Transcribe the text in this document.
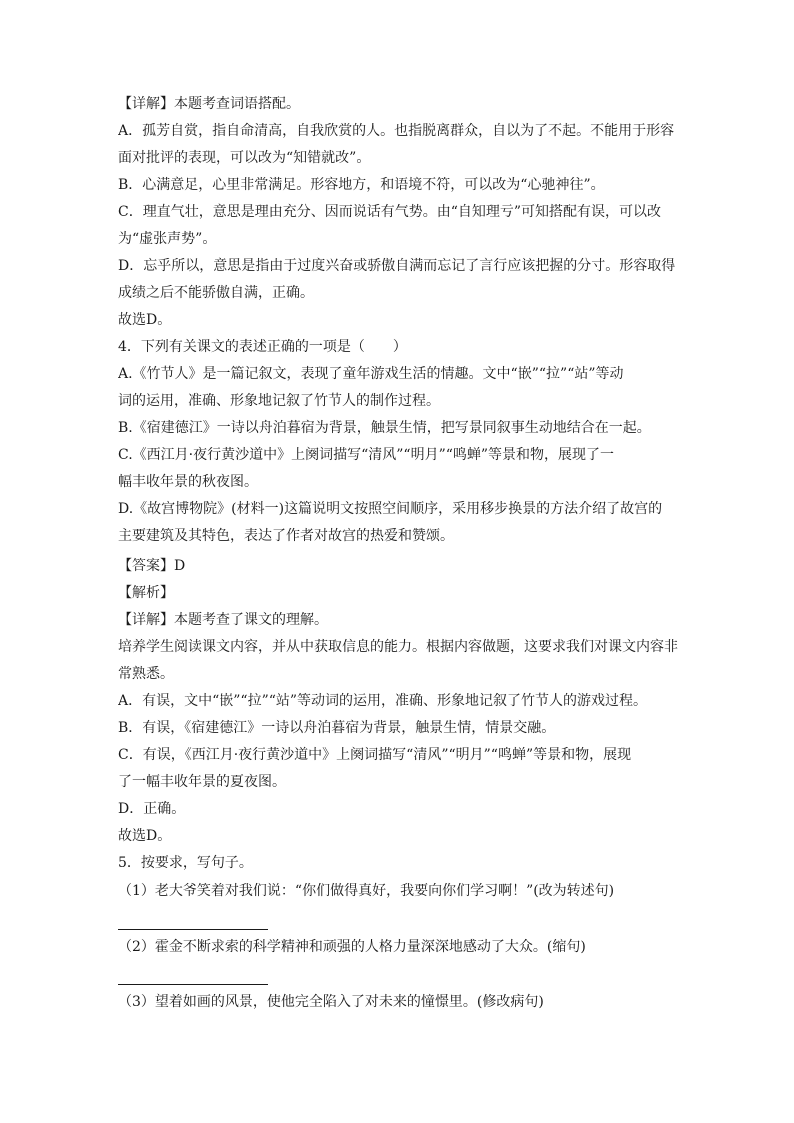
【详解】本题考查词语搭配。
A．孤芳自赏，指自命清高，自我欣赏的人。也指脱离群众，自以为了不起。不能用于形容
面对批评的表现，可以改为“知错就改”。
B．心满意足，心里非常满足。形容地方，和语境不符，可以改为“心驰神往”。
C．理直气壮，意思是理由充分、因而说话有气势。由“自知理亏”可知搭配有误，可以改
为“虚张声势”。
D．忘乎所以，意思是指由于过度兴奋或骄傲自满而忘记了言行应该把握的分寸。形容取得
成绩之后不能骄傲自满，正确。
故选D。
4．下列有关课文的表述正确的一项是（　　）
A.《竹节人》是一篇记叙文，表现了童年游戏生活的情趣。文中“嵌”“拉”“站”等动
词的运用，准确、形象地记叙了竹节人的制作过程。
B.《宿建德江》一诗以舟泊暮宿为背景，触景生情，把写景同叙事生动地结合在一起。
C.《西江月·夜行黄沙道中》上阕词描写“清风”“明月”“鸣蝉”等景和物，展现了一
幅丰收年景的秋夜图。
D.《故宫博物院》(材料一)这篇说明文按照空间顺序，采用移步换景的方法介绍了故宫的
主要建筑及其特色，表达了作者对故宫的热爱和赞颂。
【答案】D
【解析】
【详解】本题考查了课文的理解。
培养学生阅读课文内容，并从中获取信息的能力。根据内容做题，这要求我们对课文内容非
常熟悉。
A．有误，文中“嵌”“拉”“站”等动词的运用，准确、形象地记叙了竹节人的游戏过程。
B．有误，《宿建德江》一诗以舟泊暮宿为背景，触景生情，情景交融。
C．有误，《西江月·夜行黄沙道中》上阕词描写“清风”“明月”“鸣蝉”等景和物，展现
了一幅丰收年景的夏夜图。
D．正确。
故选D。
5．按要求，写句子。
（1）老大爷笑着对我们说：“你们做得真好，我要向你们学习啊！”(改为转述句)
（2）霍金不断求索的科学精神和顽强的人格力量深深地感动了大众。(缩句)
（3）望着如画的风景，使他完全陷入了对未来的憧憬里。(修改病句)
